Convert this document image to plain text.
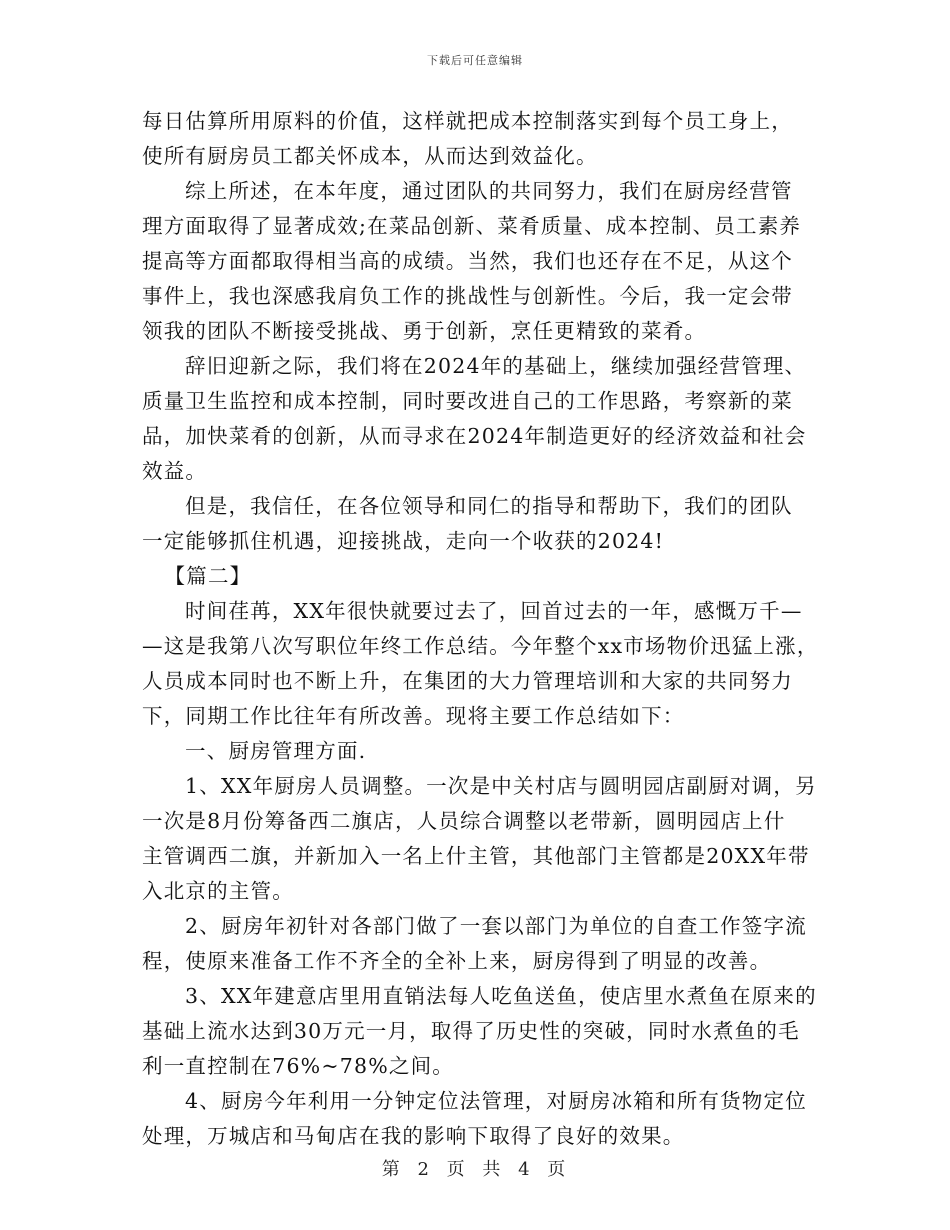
下载后可任意编辑

每日估算所用原料的价值，这样就把成本控制落实到每个员工身上，
使所有厨房员工都关怀成本，从而达到效益化。
综上所述，在本年度，通过团队的共同努力，我们在厨房经营管
理方面取得了显著成效;在菜品创新、菜肴质量、成本控制、员工素养
提高等方面都取得相当高的成绩。当然，我们也还存在不足，从这个
事件上，我也深感我肩负工作的挑战性与创新性。今后，我一定会带
领我的团队不断接受挑战、勇于创新，烹任更精致的菜肴。
辞旧迎新之际，我们将在2024年的基础上，继续加强经营管理、
质量卫生监控和成本控制，同时要改进自己的工作思路，考察新的菜
品，加快菜肴的创新，从而寻求在2024年制造更好的经济效益和社会
效益。
但是，我信任，在各位领导和同仁的指导和帮助下，我们的团队
一定能够抓住机遇，迎接挑战，走向一个收获的2024!
【篇二】
时间荏苒，XX年很快就要过去了，回首过去的一年，感慨万千—
—这是我第八次写职位年终工作总结。今年整个xx市场物价迅猛上涨，
人员成本同时也不断上升，在集团的大力管理培训和大家的共同努力
下，同期工作比往年有所改善。现将主要工作总结如下：
一、厨房管理方面.
1、XX年厨房人员调整。一次是中关村店与圆明园店副厨对调，另
一次是8月份筹备西二旗店，人员综合调整以老带新，圆明园店上什
主管调西二旗，并新加入一名上什主管，其他部门主管都是20XX年带
入北京的主管。
2、厨房年初针对各部门做了一套以部门为单位的自查工作签字流
程，使原来准备工作不齐全的全补上来，厨房得到了明显的改善。
3、XX年建意店里用直销法每人吃鱼送鱼，使店里水煮鱼在原来的
基础上流水达到30万元一月，取得了历史性的突破，同时水煮鱼的毛
利一直控制在76%~78%之间。
4、厨房今年利用一分钟定位法管理，对厨房冰箱和所有货物定位
处理，万城店和马甸店在我的影响下取得了良好的效果。

第 2 页 共 4 页
